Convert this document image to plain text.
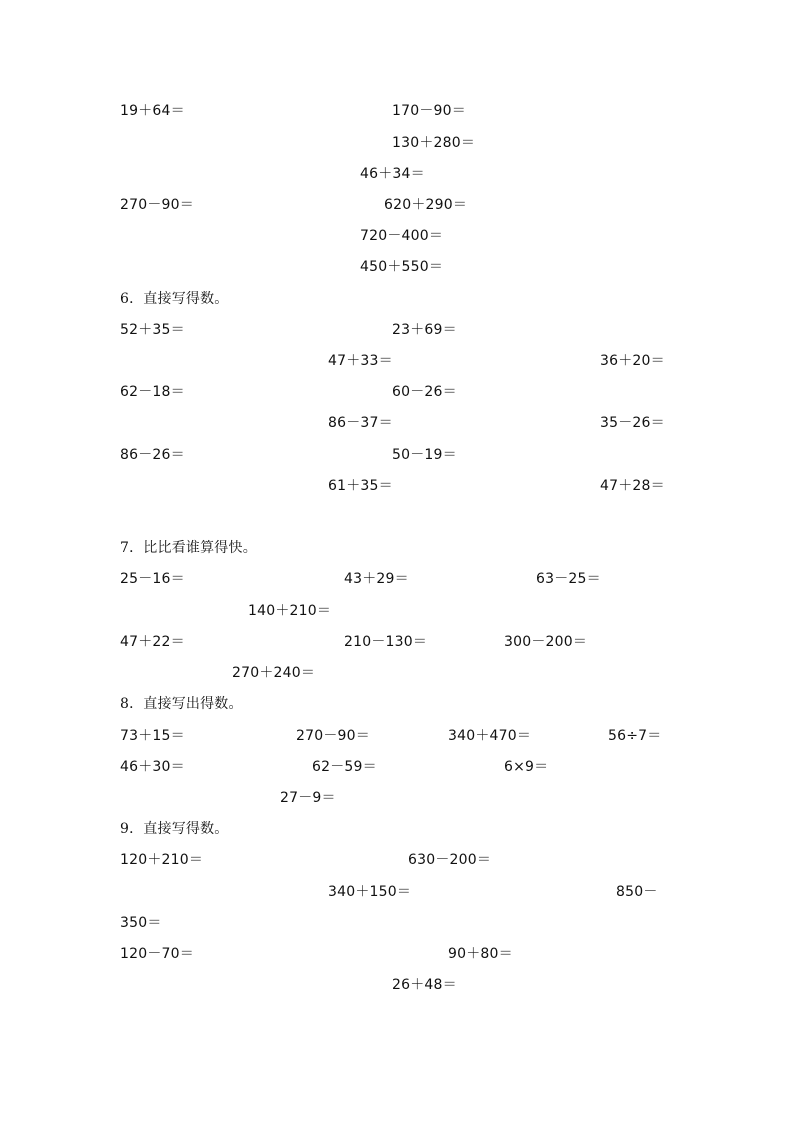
19＋64＝	170－90＝
130＋280＝
46＋34＝
270－90＝	620＋290＝
720－400＝
450＋550＝
6．直接写得数。
52＋35＝	23＋69＝
47＋33＝	36＋20＝
62－18＝	60－26＝
86－37＝	35－26＝
86－26＝	50－19＝
61＋35＝	47＋28＝
7．比比看谁算得快。
25－16＝	43＋29＝	63－25＝
140＋210＝
47＋22＝	210－130＝	300－200＝
270＋240＝
8．直接写出得数。
73＋15＝	270－90＝	340＋470＝	56÷7＝
46＋30＝	62－59＝	6×9＝
27－9＝
9．直接写得数。
120＋210＝	630－200＝
340＋150＝	850－
350＝
120－70＝	90＋80＝
26＋48＝
